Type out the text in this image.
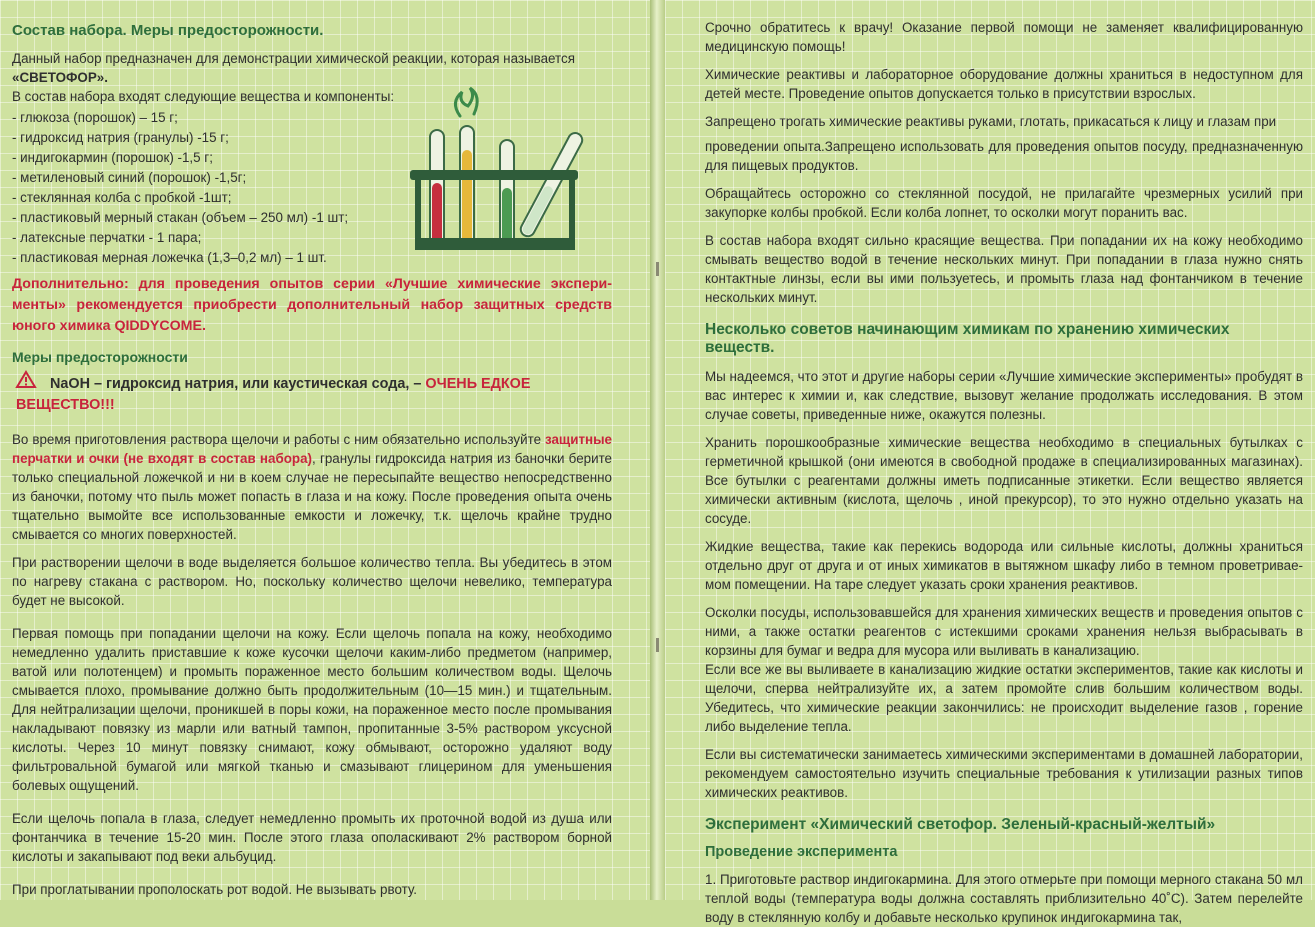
Состав набора. Меры предосторожности.

Данный набор предназначен для демонстрации химической реакции, которая называется
«СВЕТОФОР».
В состав набора входят следующие вещества и компоненты:

- глюкоза (порошок) – 15 г;
- гидроксид натрия (гранулы) -15 г;
- индигокармин (порошок) -1,5 г;
- метиленовый синий (порошок) -1,5г;
- стеклянная колба с пробкой -1шт;
- пластиковый мерный стакан (объем – 250 мл) -1 шт;
- латексные перчатки - 1 пара;
- пластиковая мерная ложечка (1,3–0,2 мл) – 1 шт.

Дополнительно: для проведения опытов серии «Лучшие химические эксперименты» рекомендуется приобрести дополнительный набор защитных средств юного химика QIDDYCOME.

Меры предосторожности
NaOH – гидроксид натрия, или каустическая сода, – ОЧЕНЬ ЕДКОЕ ВЕЩЕСТВО!!!

Во время приготовления раствора щелочи и работы с ним обязательно используйте защитные перчатки и очки (не входят в состав набора), гранулы гидроксида натрия из баночки берите только специальной ложечкой и ни в коем случае не пересыпайте вещество непосредственно из баночки, потому что пыль может попасть в глаза и на кожу. После проведения опыта очень тщательно вымойте все использованные емкости и ложечку, т.к. щелочь крайне трудно смывается со многих поверхностей.

При растворении щелочи в воде выделяется большое количество тепла. Вы убедитесь в этом по нагреву стакана с раствором. Но, поскольку количество щелочи невелико, температура будет не высокой.

Первая помощь при попадании щелочи на кожу. Если щелочь попала на кожу, необходимо немедленно удалить приставшие к коже кусочки щелочи каким-либо предметом (например, ватой или полотенцем) и промыть пораженное место большим количеством воды. Щелочь смывается плохо, промывание должно быть продолжительным (10—15 мин.) и тщательным. Для нейтрализации щелочи, проникшей в поры кожи, на пораженное место после промывания накладывают повязку из марли или ватный тампон, пропитанные 3-5% раствором уксусной кислоты. Через 10 минут повязку снимают, кожу обмывают, осторожно удаляют воду фильтровальной бумагой или мягкой тканью и смазывают глицерином для уменьшения болевых ощущений.

Если щелочь попала в глаза, следует немедленно промыть их проточной водой из душа или фонтанчика в течение 15-20 мин. После этого глаза ополаскивают 2% раствором борной кислоты и закапывают под веки альбуцид.

При проглатывании прополоскать рот водой. Не вызывать рвоту.

Срочно обратитесь к врачу! Оказание первой помощи не заменяет квалифицированную медицинскую помощь!

Химические реактивы и лабораторное оборудование должны храниться в недоступном для детей месте. Проведение опытов допускается только в присутствии взрослых.

Запрещено трогать химические реактивы руками, глотать, прикасаться к лицу и глазам при

проведении опыта.Запрещено использовать для проведения опытов посуду, предназначенную для пищевых продуктов.

Обращайтесь осторожно со стеклянной посудой, не прилагайте чрезмерных усилий при закупорке колбы пробкой. Если колба лопнет, то осколки могут поранить вас.

В состав набора входят сильно красящие вещества. При попадании их на кожу необходимо смывать вещество водой в течение нескольких минут. При попадании в глаза нужно снять контактные линзы, если вы ими пользуетесь, и промыть глаза над фонтанчиком в течение нескольких минут.

Несколько советов начинающим химикам по хранению химических веществ.

Мы надеемся, что этот и другие наборы серии «Лучшие химические эксперименты» пробудят в вас интерес к химии и, как следствие, вызовут желание продолжать исследования. В этом случае советы, приведенные ниже, окажутся полезны.

Хранить порошкообразные химические вещества необходимо в специальных бутылках с герметичной крышкой (они имеются в свободной продаже в специализированных магазинах). Все бутылки с реагентами должны иметь подписанные этикетки. Если вещество является химически активным (кислота, щелочь , иной прекурсор), то это нужно отдельно указать на сосуде.

Жидкие вещества, такие как перекись водорода или сильные кислоты, должны храниться отдельно друг от друга и от иных химикатов в вытяжном шкафу либо в темном проветриваемом помещении. На таре следует указать сроки хранения реактивов.

Осколки посуды, использовавшейся для хранения химических веществ и проведения опытов с ними, а также остатки реагентов с истекшими сроками хранения нельзя выбрасывать в корзины для бумаг и ведра для мусора или выливать в канализацию.

Если все же вы выливаете в канализацию жидкие остатки экспериментов, такие как кислоты и щелочи, сперва нейтрализуйте их, а затем промойте слив большим количеством воды. Убедитесь, что химические реакции закончились: не происходит выделение газов , горение либо выделение тепла.

Если вы систематически занимаетесь химическими экспериментами в домашней лаборатории, рекомендуем самостоятельно изучить специальные требования к утилизации разных типов химических реактивов.

Эксперимент «Химический светофор. Зеленый-красный-желтый»
Проведение эксперимента

1. Приготовьте раствор индигокармина. Для этого отмерьте при помощи мерного стакана 50 мл теплой воды (температура воды должна составлять приблизительно 40˚С). Затем перелейте воду в стеклянную колбу и добавьте несколько крупинок индигокармина так,
